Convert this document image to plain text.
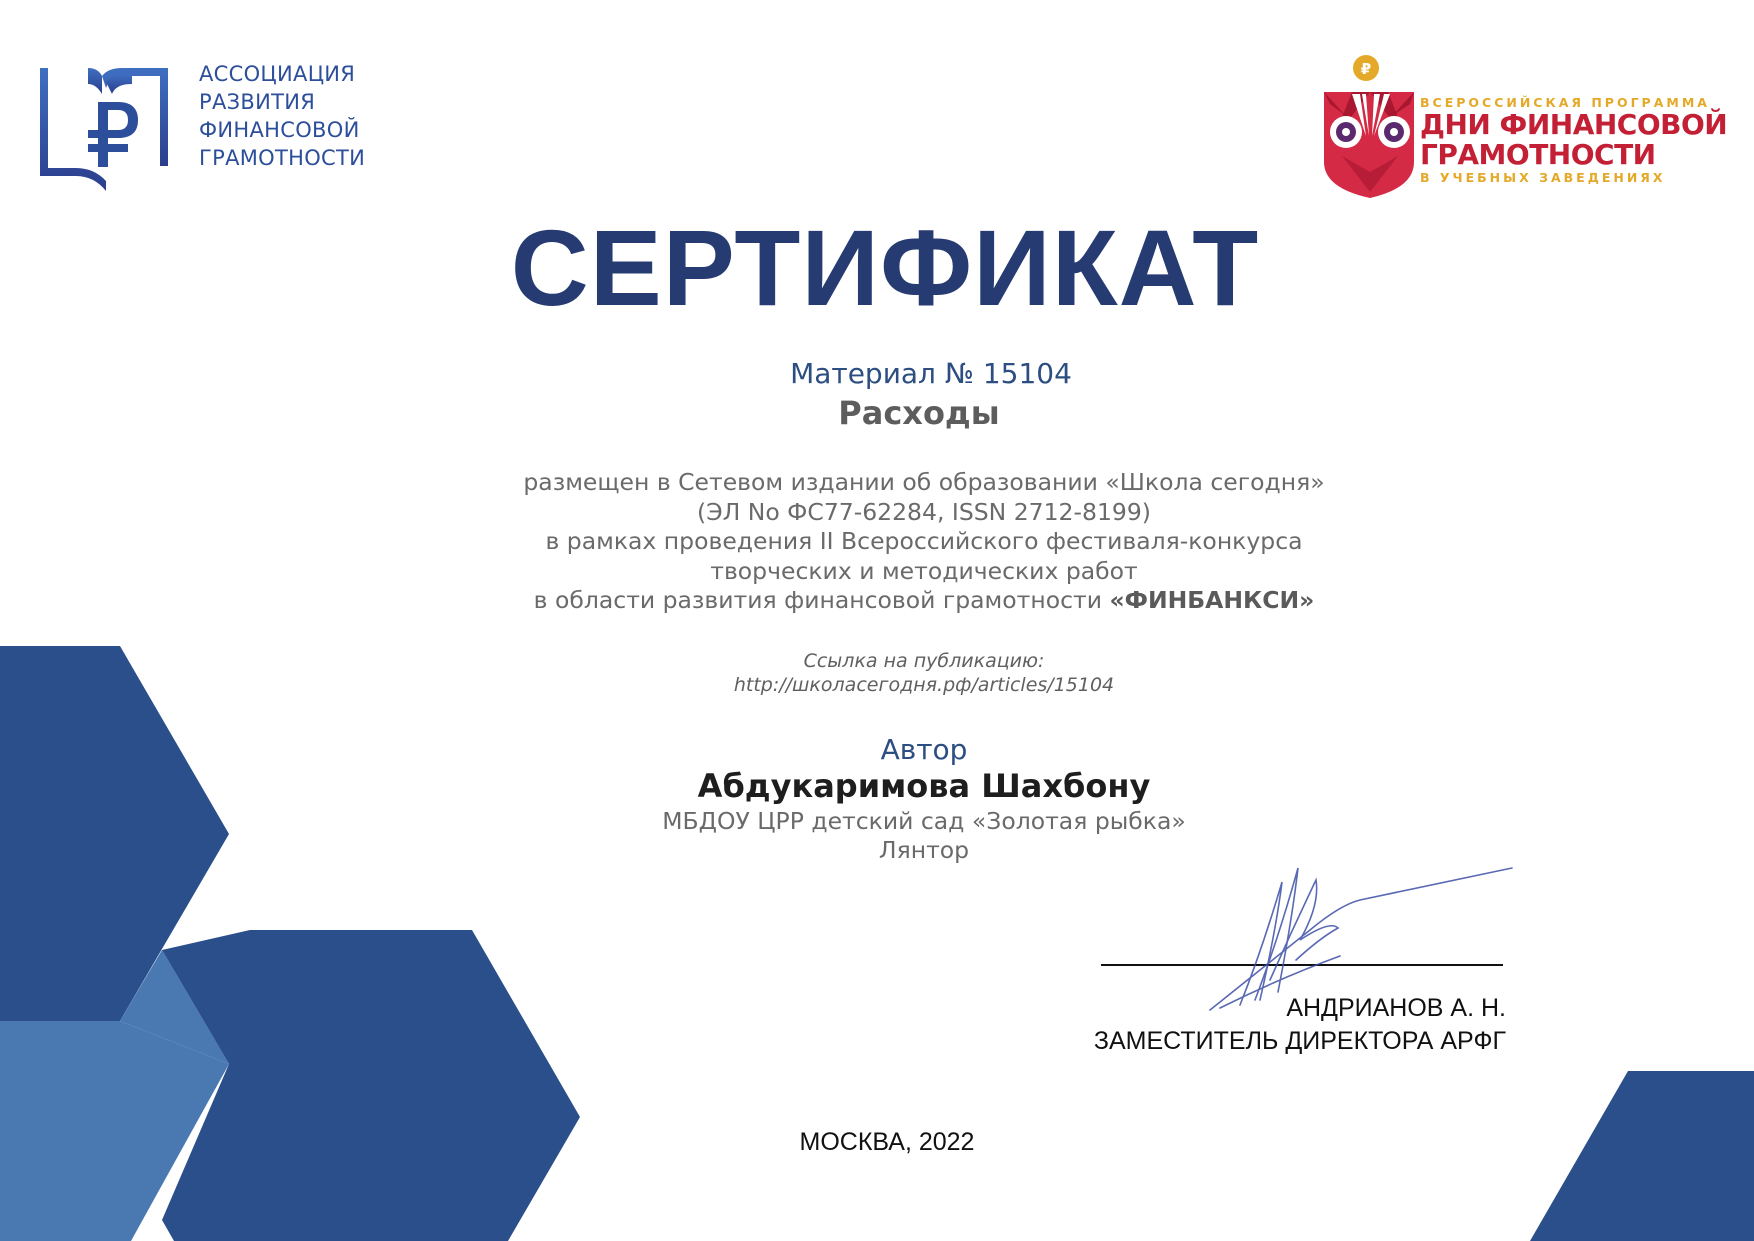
АССОЦИАЦИЯ
РАЗВИТИЯ
ФИНАНСОВОЙ
ГРАМОТНОСТИ
₽
ВСЕРОССИЙСКАЯ ПРОГРАММА
ДНИ ФИНАНСОВОЙ
ГРАМОТНОСТИ
В УЧЕБНЫХ ЗАВЕДЕНИЯХ
СЕРТИФИКАТ
Материал № 15104
Расходы
размещен в Сетевом издании об образовании «Школа сегодня»
(ЭЛ No ФС77-62284, ISSN 2712-8199)
в рамках проведения II Всероссийского фестиваля-конкурса
творческих и методических работ
в области развития финансовой грамотности «ФИНБАНКСИ»
Ссылка на публикацию:
http://школасегодня.рф/articles/15104
Автор
Абдукаримова Шахбону
МБДОУ ЦРР детский сад «Золотая рыбка»
Лянтор
АНДРИАНОВ А. Н.
ЗАМЕСТИТЕЛЬ ДИРЕКТОРА АРФГ
МОСКВА, 2022
